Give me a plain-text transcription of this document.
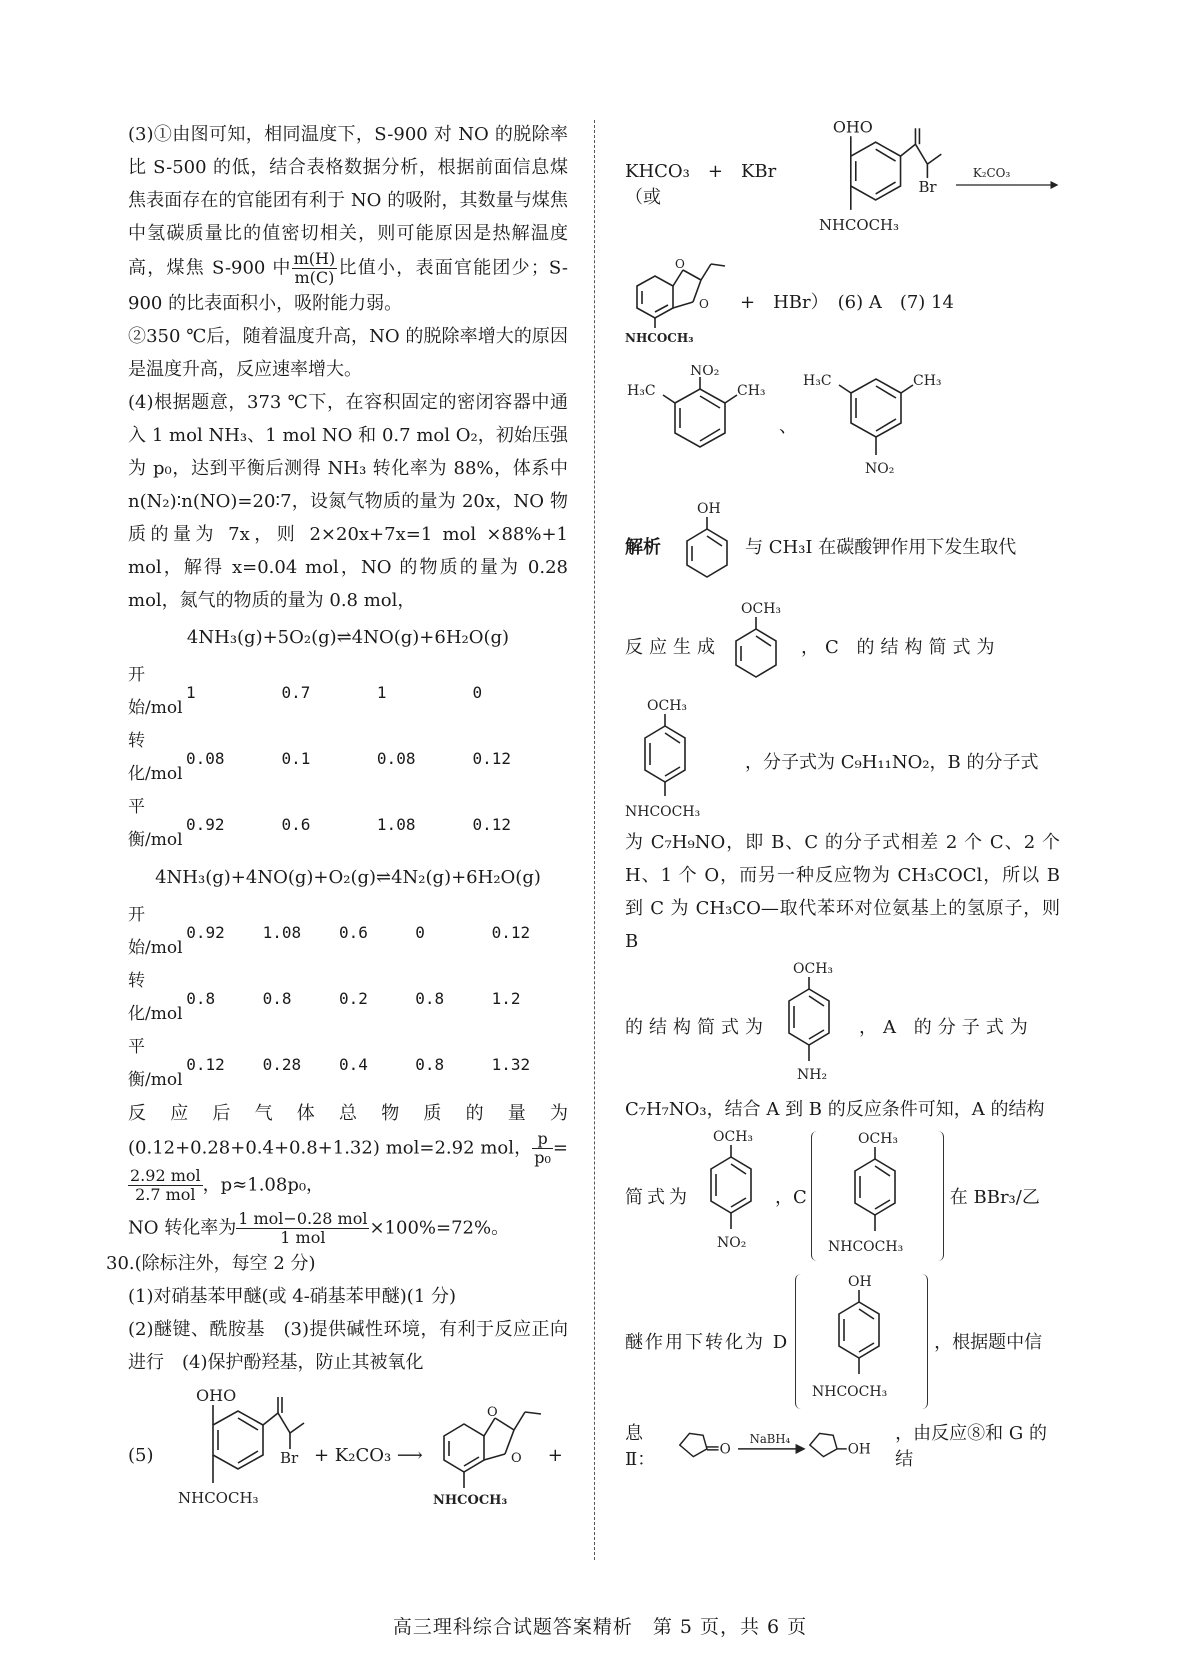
(3)①由图可知，相同温度下，S-900 对 NO 的脱除率比 S-500 的低，结合表格数据分析，根据前面信息煤焦表面存在的官能团有利于 NO 的吸附，其数量与煤焦中氢碳质量比的值密切相关，则可能原因是热解温度高，煤焦 S-900 中 $\frac{m(H)}{m(C)}$ 比值小，表面官能团少；S-900 的比表面积小，吸附能力弱。

②350 ℃后，随着温度升高，NO 的脱除率增大的原因是温度升高，反应速率增大。

(4)根据题意，373 ℃下，在容积固定的密闭容器中通入 1 mol NH₃、1 mol NO 和 0.7 mol O₂，初始压强为 p₀，达到平衡后测得 NH₃ 转化率为 88%，体系中 n(N₂)∶n(NO)=20∶7，设氮气物质的量为 20x，NO 物质的量为 7x，则 2×20x+7x=1 mol ×88%+1 mol，解得 x=0.04 mol，NO 的物质的量为 0.28 mol，氮气的物质的量为 0.8 mol，

4NH₃(g)+5O₂(g)⇌4NO(g)+6H₂O(g)
开始/mol	1	0.7	1	0
转化/mol	0.08	0.1	0.08	0.12
平衡/mol	0.92	0.6	1.08	0.12
4NH₃(g)+4NO(g)+O₂(g)⇌4N₂(g)+6H₂O(g)
开始/mol	0.92	1.08	0.6	0	0.12
转化/mol	0.8	0.8	0.2	0.8	1.2
平衡/mol	0.12	0.28	0.4	0.8	1.32

反应后气体总物质的量为(0.12+0.28+0.4+0.8+1.32) mol=2.92 mol， $\frac{p}{\text{p₀}}$ =
$\frac{\text{2.92 mol}}{\text{2.7 mol}}$ ，p≈1.08p₀，

NO 转化率为 $\frac{\text{1 mol−0.28 mol}}{\text{1 mol}} \times 100\%=72\%$。

30.(除标注外，每空 2 分)

(1)对硝基苯甲醚(或 4-硝基苯甲醚)(1 分)

(2)醚键、酰胺基　(3)提供碱性环境，有利于反应正向进行　(4)保护酚羟基，防止其被氧化

(5)
OHO
Br
NHCOCH₃
+ K₂CO₃ ⟶
O
O
NHCOCH₃
+
KHCO₃　+　KBr（或
OHO
Br
NHCOCH₃
K₂CO₃
O
O
NHCOCH₃
+　HBr）　(6) A　(7) 14
NO₂
H₃C	CH₃
、
H₃C	CH₃
NO₂
解析
OH
与 CH₃I 在碳酸钾作用下发生取代
反应生成
OCH₃
，C 的结构简式为
OCH₃
NHCOCH₃
，分子式为 C₉H₁₁NO₂，B 的分子式

为 C₇H₉NO，即 B、C 的分子式相差 2 个 C、2 个 H、1 个 O，而另一种反应物为 CH₃COCl，所以 B 到 C 为 CH₃CO—取代苯环对位氨基上的氢原子，则 B

的结构简式为
OCH₃
NH₂
，A 的分子式为

C₇H₇NO₃，结合 A 到 B 的反应条件可知，A 的结构

简式为
OCH₃
NO₂
，C
OCH₃
NHCOCH₃
在 BBr₃/乙
醚作用下转化为 D
OH
NHCOCH₃
，根据题中信
息Ⅱ：	O
NaBH₄
OH
，由反应⑧和 G 的结
高三理科综合试题答案精析　第 5 页，共 6 页
